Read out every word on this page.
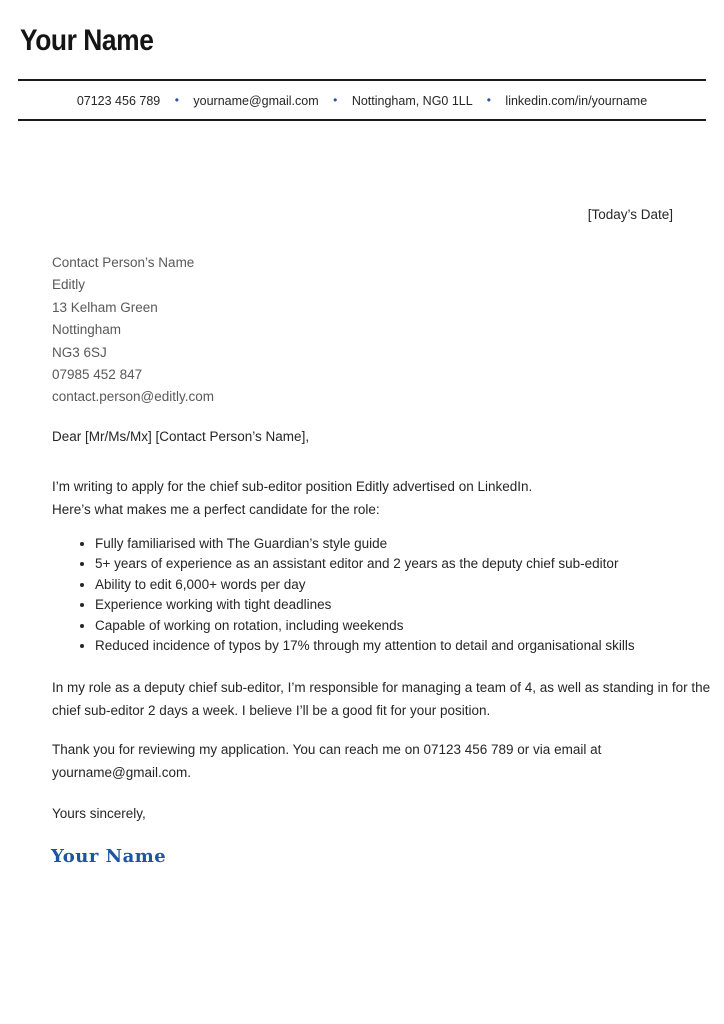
Your Name
07123 456 789 • yourname@gmail.com • Nottingham, NG0 1LL • linkedin.com/in/yourname
[Today’s Date]
Contact Person’s Name
Editly
13 Kelham Green
Nottingham
NG3 6SJ
07985 452 847
contact.person@editly.com
Dear [Mr/Ms/Mx] [Contact Person’s Name],
I’m writing to apply for the chief sub-editor position Editly advertised on LinkedIn.
Here’s what makes me a perfect candidate for the role:
• Fully familiarised with The Guardian’s style guide
• 5+ years of experience as an assistant editor and 2 years as the deputy chief sub-editor
• Ability to edit 6,000+ words per day
• Experience working with tight deadlines
• Capable of working on rotation, including weekends
• Reduced incidence of typos by 17% through my attention to detail and organisational skills
In my role as a deputy chief sub-editor, I’m responsible for managing a team of 4, as well as standing in for the
chief sub-editor 2 days a week. I believe I’ll be a good fit for your position.
Thank you for reviewing my application. You can reach me on 07123 456 789 or via email at
yourname@gmail.com.
Yours sincerely,
Your Name
